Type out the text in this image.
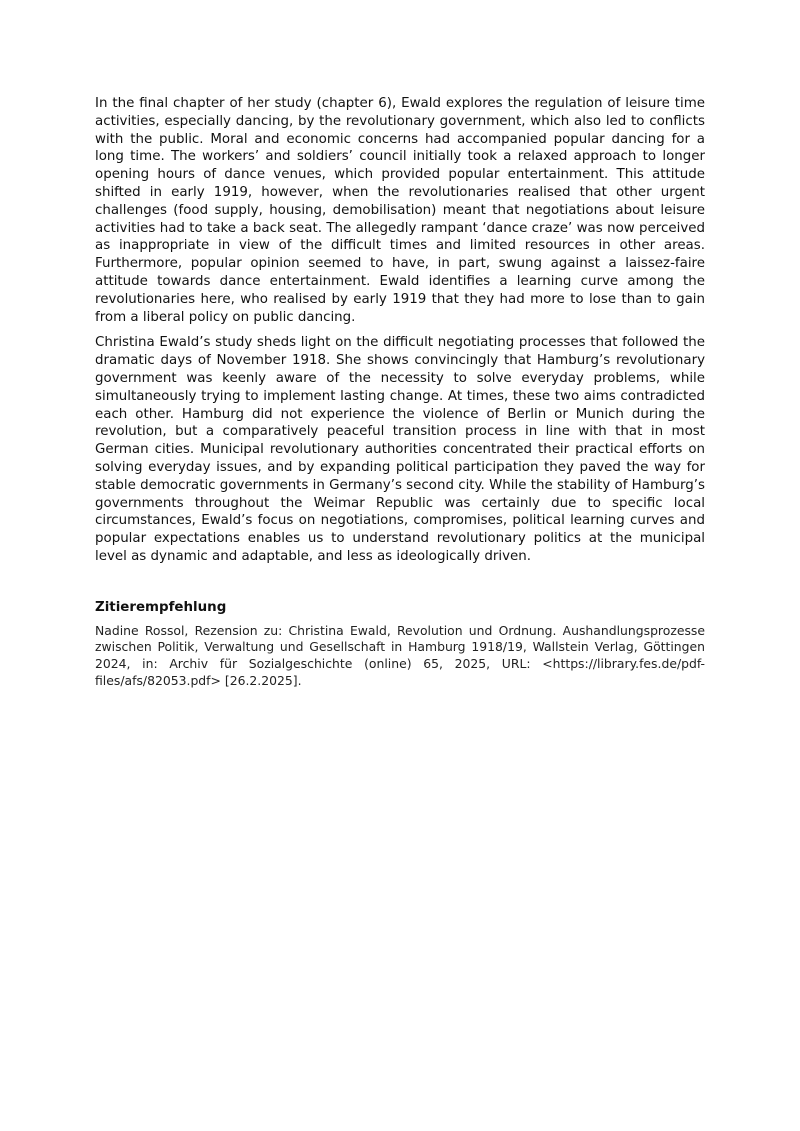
In the final chapter of her study (chapter 6), Ewald explores the regulation of leisure time activities, especially dancing, by the revolutionary government, which also led to conflicts with the public. Moral and economic concerns had accompanied popular dancing for a long time. The workers’ and soldiers’ council initially took a relaxed approach to longer opening hours of dance venues, which provided popular entertainment. This attitude shifted in early 1919, however, when the revolutionaries realised that other urgent challenges (food supply, housing, demobilisation) meant that negotiations about leisure activities had to take a back seat. The allegedly rampant ‘dance craze’ was now perceived as inappropriate in view of the difficult times and limited resources in other areas. Furthermore, popular opinion seemed to have, in part, swung against a laissez-faire attitude towards dance entertainment. Ewald identifies a learning curve among the revolutionaries here, who realised by early 1919 that they had more to lose than to gain from a liberal policy on public dancing.

Christina Ewald’s study sheds light on the difficult negotiating processes that followed the dramatic days of November 1918. She shows convincingly that Hamburg’s revolutionary government was keenly aware of the necessity to solve everyday problems, while simultaneously trying to implement lasting change. At times, these two aims contradicted each other. Hamburg did not experience the violence of Berlin or Munich during the revolution, but a comparatively peaceful transition process in line with that in most German cities. Municipal revolutionary authorities concentrated their practical efforts on solving everyday issues, and by expanding political participation they paved the way for stable democratic governments in Germany’s second city. While the stability of Hamburg’s governments throughout the Weimar Republic was certainly due to specific local circumstances, Ewald’s focus on negotiations, compromises, political learning curves and popular expectations enables us to understand revolutionary politics at the municipal level as dynamic and adaptable, and less as ideologically driven.

Zitierempfehlung

Nadine Rossol, Rezension zu: Christina Ewald, Revolution und Ordnung. Aushandlungsprozesse zwischen Politik, Verwaltung und Gesellschaft in Hamburg 1918/19, Wallstein Verlag, Göttingen 2024, in: Archiv für Sozialgeschichte (online) 65, 2025, URL: <https://library.fes.de/pdf-files/afs/82053.pdf> [26.2.2025].
